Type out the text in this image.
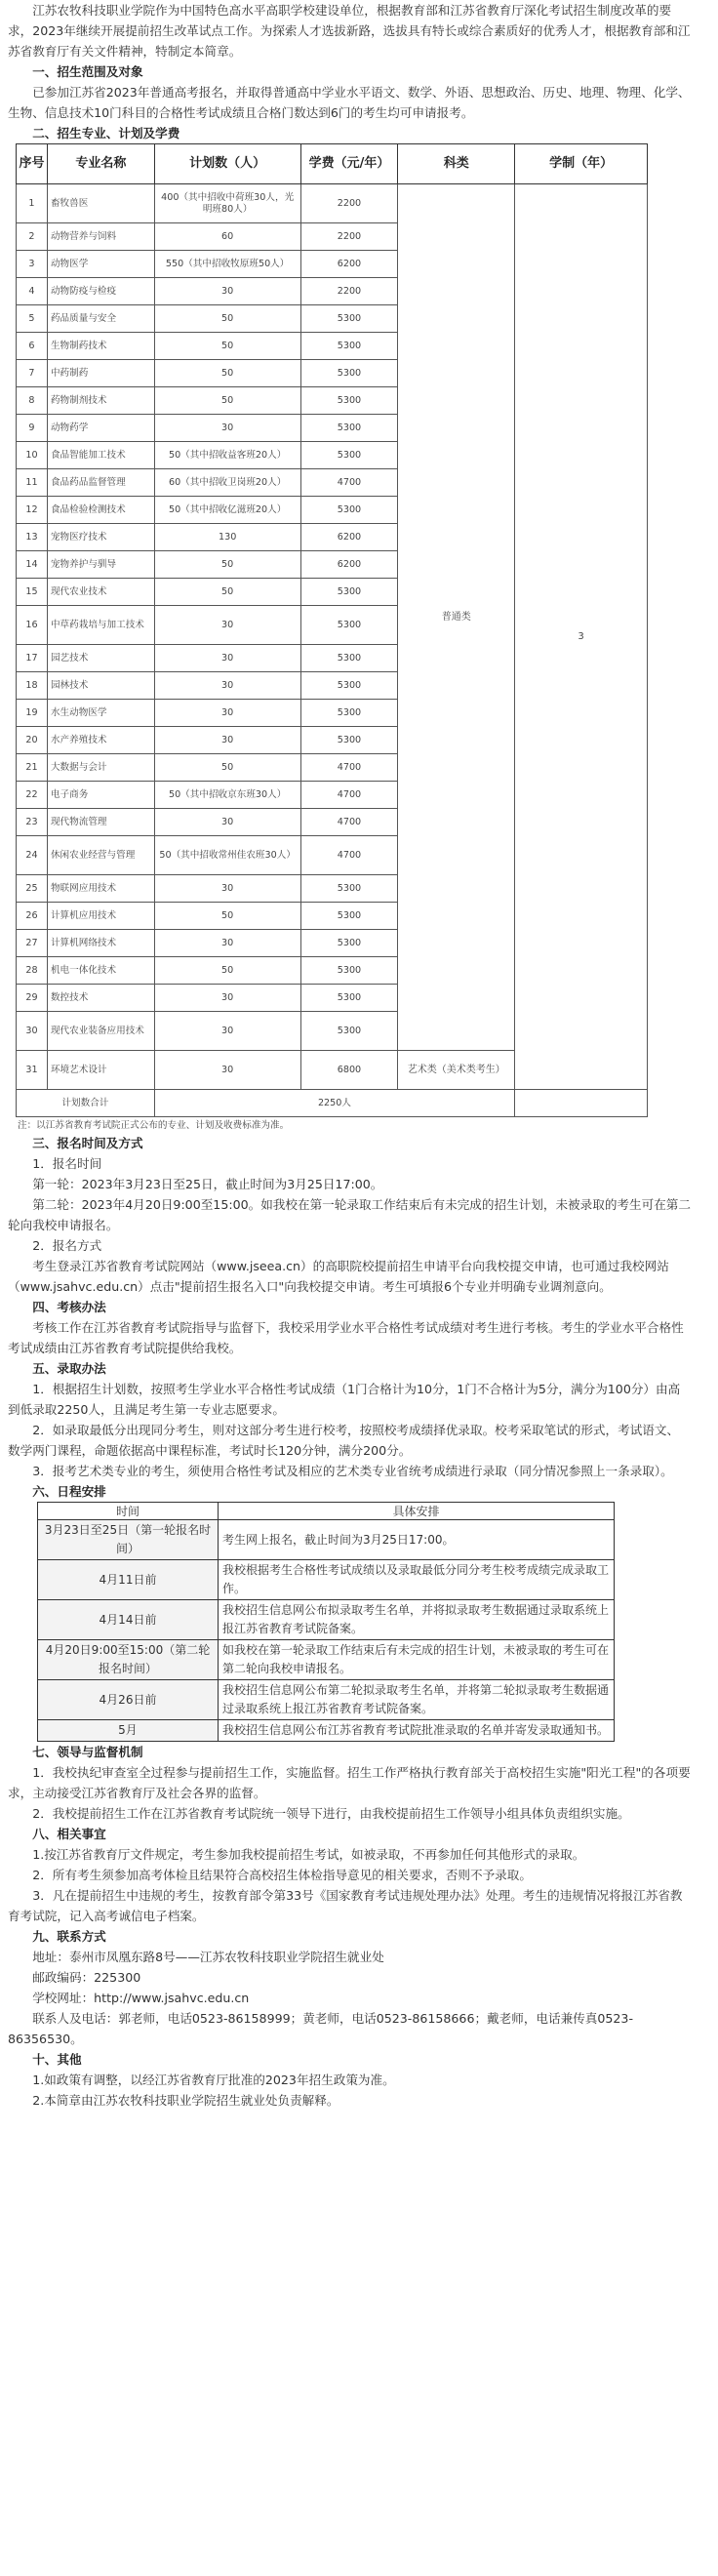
江苏农牧科技职业学院作为中国特色高水平高职学校建设单位，根据教育部和江苏省教育厅深化考试招生制度改革的要求，2023年继续开展提前招生改革试点工作。为探索人才选拔新路，选拔具有特长或综合素质好的优秀人才，根据教育部和江苏省教育厅有关文件精神，特制定本简章。

一、招生范围及对象

已参加江苏省2023年普通高考报名，并取得普通高中学业水平语文、数学、外语、思想政治、历史、地理、物理、化学、生物、信息技术10门科目的合格性考试成绩且合格门数达到6门的考生均可申请报考。

二、招生专业、计划及学费

序号	专业名称	计划数（人）	学费（元/年）	科类	学制（年）
1	畜牧兽医	400（其中招收中荷班30人，光明班80人）	2200	普通类	3
2	动物营养与饲料	60	2200		
3	动物医学	550（其中招收牧原班50人）	6200		
4	动物防疫与检疫	30	2200		
5	药品质量与安全	50	5300		
6	生物制药技术	50	5300		
7	中药制药	50	5300		
8	药物制剂技术	50	5300		
9	动物药学	30	5300		
10	食品智能加工技术	50（其中招收益客班20人）	5300		
11	食品药品监督管理	60（其中招收卫岗班20人）	4700		
12	食品检验检测技术	50（其中招收亿滋班20人）	5300		
13	宠物医疗技术	130	6200		
14	宠物养护与驯导	50	6200		
15	现代农业技术	50	5300		
16	中草药栽培与加工技术	30	5300		
17	园艺技术	30	5300		
18	园林技术	30	5300		
19	水生动物医学	30	5300		
20	水产养殖技术	30	5300		
21	大数据与会计	50	4700		
22	电子商务	50（其中招收京东班30人）	4700		
23	现代物流管理	30	4700		
24	休闲农业经营与管理	50（其中招收常州佳农班30人）	4700		
25	物联网应用技术	30	5300		
26	计算机应用技术	50	5300		
27	计算机网络技术	30	5300		
28	机电一体化技术	50	5300		
29	数控技术	30	5300		
30	现代农业装备应用技术	30	5300		
31	环境艺术设计	30	6800	艺术类（美术类考生）	
计划数合计		2250人			

注：以江苏省教育考试院正式公布的专业、计划及收费标准为准。

三、报名时间及方式

1．报名时间

第一轮：2023年3月23日至25日，截止时间为3月25日17:00。

第二轮：2023年4月20日9:00至15:00。如我校在第一轮录取工作结束后有未完成的招生计划，未被录取的考生可在第二轮向我校申请报名。

2．报名方式

考生登录江苏省教育考试院网站（www.jseea.cn）的高职院校提前招生申请平台向我校提交申请，也可通过我校网站（www.jsahvc.edu.cn）点击"提前招生报名入口"向我校提交申请。考生可填报6个专业并明确专业调剂意向。

四、考核办法

考核工作在江苏省教育考试院指导与监督下，我校采用学业水平合格性考试成绩对考生进行考核。考生的学业水平合格性考试成绩由江苏省教育考试院提供给我校。

五、录取办法

1．根据招生计划数，按照考生学业水平合格性考试成绩（1门合格计为10分，1门不合格计为5分，满分为100分）由高到低录取2250人，且满足考生第一专业志愿要求。

2．如录取最低分出现同分考生，则对这部分考生进行校考，按照校考成绩择优录取。校考采取笔试的形式，考试语文、数学两门课程，命题依据高中课程标准，考试时长120分钟，满分200分。

3．报考艺术类专业的考生，须使用合格性考试及相应的艺术类专业省统考成绩进行录取（同分情况参照上一条录取）。

六、日程安排

时间	具体安排
3月23日至25日（第一轮报名时间）	考生网上报名，截止时间为3月25日17:00。
4月11日前	我校根据考生合格性考试成绩以及录取最低分同分考生校考成绩完成录取工作。
4月14日前	我校招生信息网公布拟录取考生名单，并将拟录取考生数据通过录取系统上报江苏省教育考试院备案。
4月20日9:00至15:00（第二轮报名时间）	如我校在第一轮录取工作结束后有未完成的招生计划，未被录取的考生可在第二轮向我校申请报名。
4月26日前	我校招生信息网公布第二轮拟录取考生名单，并将第二轮拟录取考生数据通过录取系统上报江苏省教育考试院备案。
5月	我校招生信息网公布江苏省教育考试院批准录取的名单并寄发录取通知书。

七、领导与监督机制

1．我校执纪审查室全过程参与提前招生工作，实施监督。招生工作严格执行教育部关于高校招生实施"阳光工程"的各项要求，主动接受江苏省教育厅及社会各界的监督。

2．我校提前招生工作在江苏省教育考试院统一领导下进行，由我校提前招生工作领导小组具体负责组织实施。

八、相关事宜

1.按江苏省教育厅文件规定，考生参加我校提前招生考试，如被录取，不再参加任何其他形式的录取。

2．所有考生须参加高考体检且结果符合高校招生体检指导意见的相关要求，否则不予录取。

3．凡在提前招生中违规的考生，按教育部令第33号《国家教育考试违规处理办法》处理。考生的违规情况将报江苏省教育考试院，记入高考诚信电子档案。

九、联系方式

地址：泰州市凤凰东路8号——江苏农牧科技职业学院招生就业处

邮政编码：225300

学校网址：http://www.jsahvc.edu.cn

联系人及电话：郭老师，电话0523-86158999；黄老师，电话0523-86158666；戴老师，电话兼传真0523-86356530。

十、其他

1.如政策有调整，以经江苏省教育厅批准的2023年招生政策为准。

2.本简章由江苏农牧科技职业学院招生就业处负责解释。
